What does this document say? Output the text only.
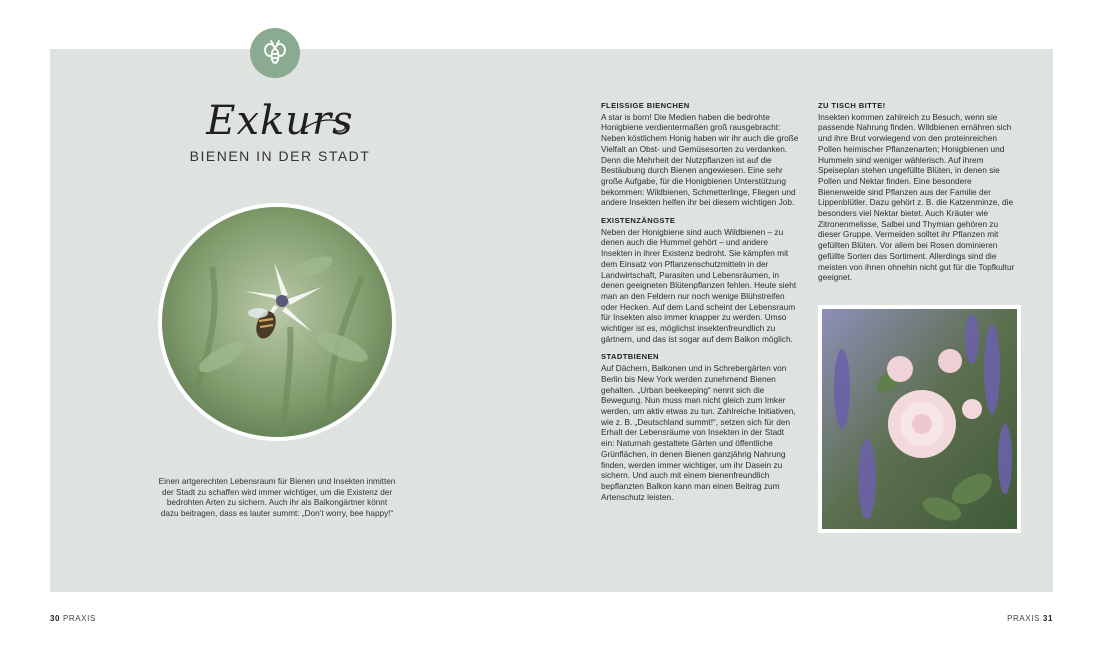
Exkurs
BIENEN IN DER STADT
Einen artgerechten Lebensraum für Bienen und Insekten inmitten der Stadt zu schaffen wird immer wichtiger, um die Existenz der bedrohten Arten zu sichern. Auch ihr als Balkongärtner könnt dazu beitragen, dass es lauter summt: „Don’t worry, bee happy!“
FLEISSIGE BIENCHEN

A star is born! Die Medien haben die bedrohte Honigbiene verdientermaßen groß rausgebracht: Neben köstlichem Honig haben wir ihr auch die große Vielfalt an Obst- und Gemüsesorten zu verdanken. Denn die Mehrheit der Nutzpflanzen ist auf die Bestäubung durch Bienen angewiesen. Eine sehr große Aufgabe, für die Honigbienen Unterstützung bekommen: Wildbienen, Schmetterlinge, Fliegen und andere Insekten helfen ihr bei diesem wichtigen Job.

EXISTENZÄNGSTE

Neben der Honigbiene sind auch Wildbienen – zu denen auch die Hummel gehört – und andere Insekten in ihrer Existenz bedroht. Sie kämpfen mit dem Einsatz von Pflanzenschutzmitteln in der Landwirtschaft, Parasiten und Lebensräumen, in denen geeigneten Blütenpflanzen fehlen. Heute sieht man an den Feldern nur noch wenige Blühstreifen oder Hecken. Auf dem Land scheint der Lebensraum für Insekten also immer knapper zu werden. Umso wichtiger ist es, möglichst insektenfreundlich zu gärtnern, und das ist sogar auf dem Balkon möglich.

STADTBIENEN

Auf Dächern, Balkonen und in Schrebergärten von Berlin bis New York werden zunehmend Bienen gehalten. „Urban beekeeping“ nennt sich die Bewegung. Nun muss man nicht gleich zum Imker werden, um aktiv etwas zu tun. Zahlreiche Initiativen, wie z. B. „Deutschland summt!“, setzen sich für den Erhalt der Lebensräume von Insekten in der Stadt ein: Naturnah gestaltete Gärten und öffentliche Grünflächen, in denen Bienen ganzjährig Nahrung finden, werden immer wichtiger, um ihr Dasein zu sichern. Und auch mit einem bienenfreundlich bepflanzten Balkon kann man einen Beitrag zum Artenschutz leisten.

ZU TISCH BITTE!

Insekten kommen zahlreich zu Besuch, wenn sie passende Nahrung finden. Wildbienen ernähren sich und ihre Brut vorwiegend von den proteinreichen Pollen heimischer Pflanzenarten; Honigbienen und Hummeln sind weniger wählerisch. Auf ihrem Speiseplan stehen ungefüllte Blüten, in denen sie Pollen und Nektar finden. Eine besondere Bienenweide sind Pflanzen aus der Familie der Lippenblütler. Dazu gehört z. B. die Katzenminze, die besonders viel Nektar bietet. Auch Kräuter wie Zitronenmelisse, Salbei und Thymian gehören zu dieser Gruppe. Vermeiden solltet ihr Pflanzen mit gefüllten Blüten. Vor allem bei Rosen dominieren gefüllte Sorten das Sortiment. Allerdings sind die meisten von ihnen ohnehin nicht gut für die Topfkultur geeignet.

30 PRAXIS	PRAXIS 31
